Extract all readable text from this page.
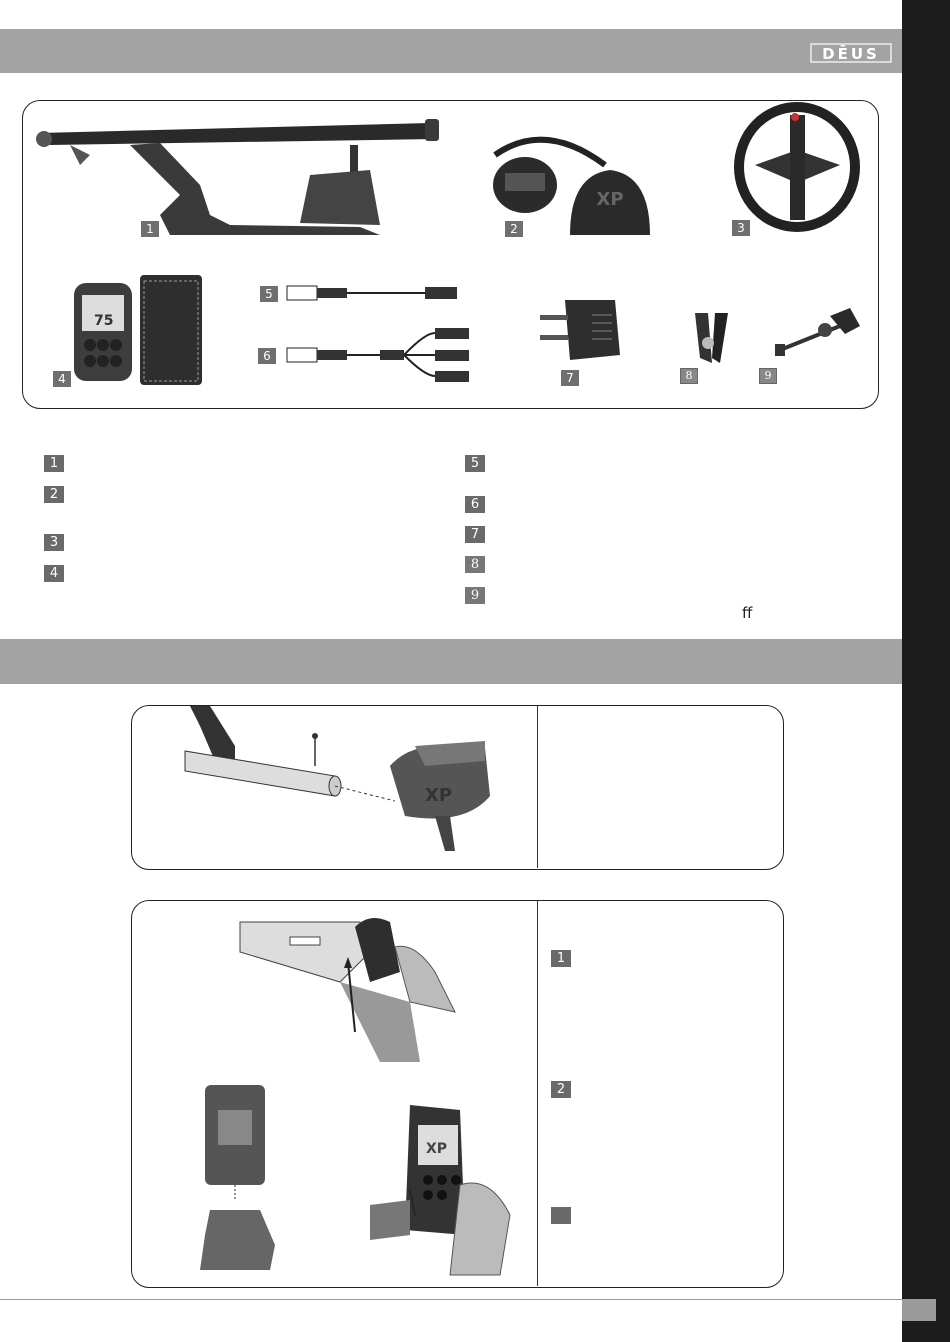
DĒUS
1
XP
2	3
75
4
5
6
7	8	9
1
2
3
4
5
6
7
8
9
ff
XP
XP
1
2
